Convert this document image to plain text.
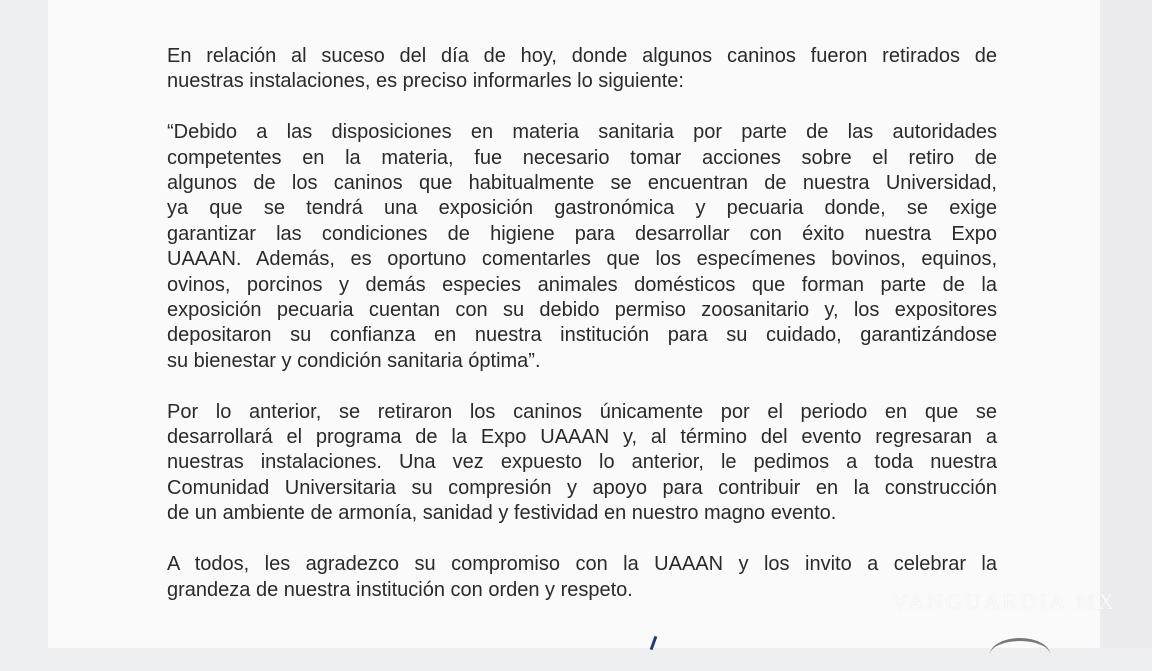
En relación al suceso del día de hoy, donde algunos caninos fueron retirados de
nuestras instalaciones, es preciso informarles lo siguiente:
“Debido a las disposiciones en materia sanitaria por parte de las autoridades
competentes en la materia, fue necesario tomar acciones sobre el retiro de
algunos de los caninos que habitualmente se encuentran de nuestra Universidad,
ya que se tendrá una exposición gastronómica y pecuaria donde, se exige
garantizar las condiciones de higiene para desarrollar con éxito nuestra Expo
UAAAN. Además, es oportuno comentarles que los especímenes bovinos, equinos,
ovinos, porcinos y demás especies animales domésticos que forman parte de la
exposición pecuaria cuentan con su debido permiso zoosanitario y, los expositores
depositaron su confianza en nuestra institución para su cuidado, garantizándose
su bienestar y condición sanitaria óptima”.
Por lo anterior, se retiraron los caninos únicamente por el periodo en que se
desarrollará el programa de la Expo UAAAN y, al término del evento regresaran a
nuestras instalaciones. Una vez expuesto lo anterior, le pedimos a toda nuestra
Comunidad Universitaria su compresión y apoyo para contribuir en la construcción
de un ambiente de armonía, sanidad y festividad en nuestro magno evento.
A todos, les agradezco su compromiso con la UAAAN y los invito a celebrar la
grandeza de nuestra institución con orden y respeto.	VANGUARDIA MX
